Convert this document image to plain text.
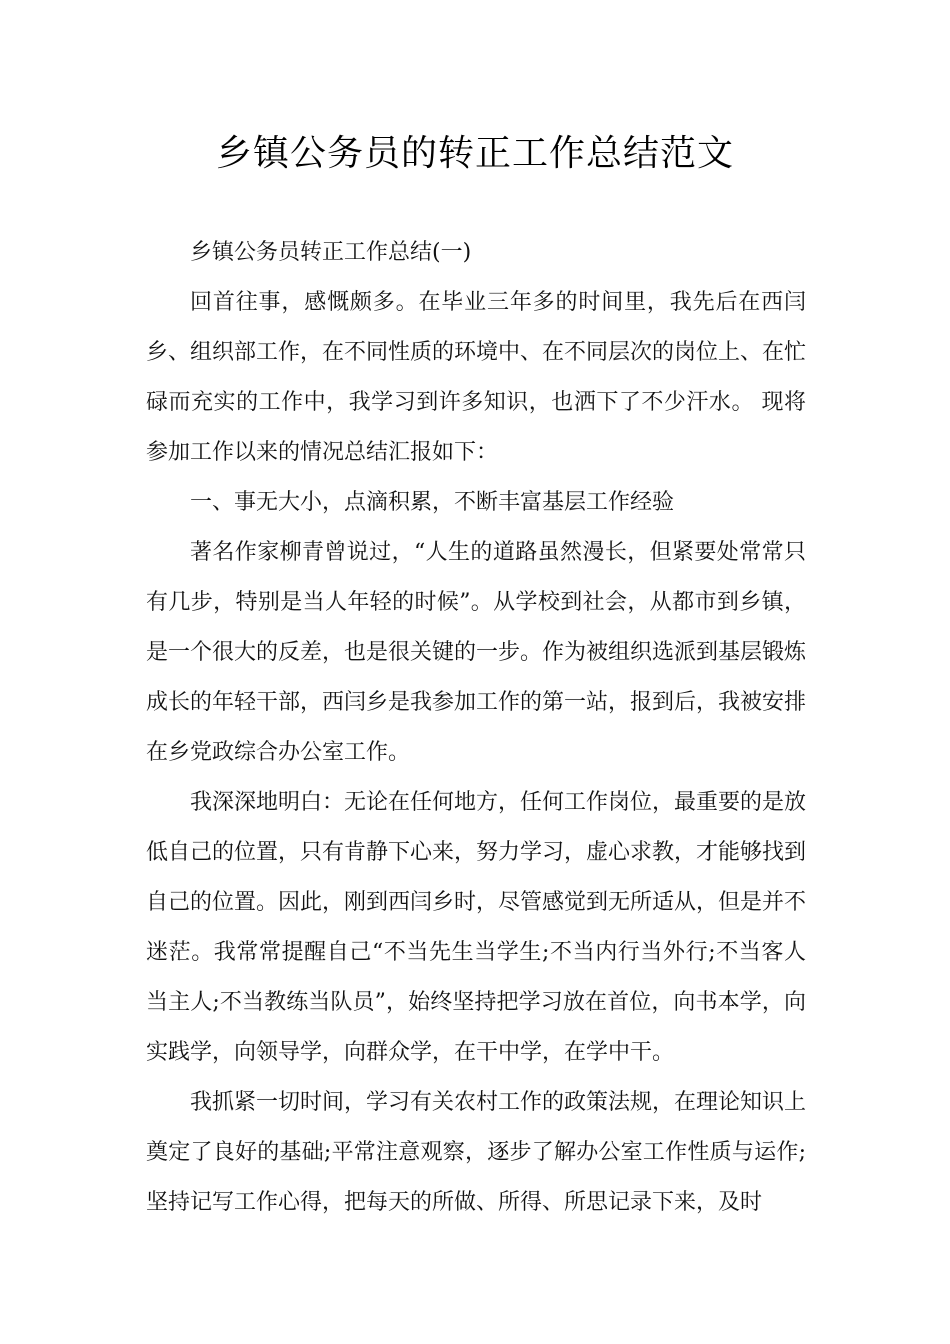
乡镇公务员的转正工作总结范文

乡镇公务员转正工作总结(一)

回首往事，感慨颇多。在毕业三年多的时间里，我先后在西闫乡、组织部工作，在不同性质的环境中、在不同层次的岗位上、在忙碌而充实的工作中，我学习到许多知识，也洒下了不少汗水。 现将参加工作以来的情况总结汇报如下：

一、事无大小，点滴积累，不断丰富基层工作经验

著名作家柳青曾说过，“人生的道路虽然漫长，但紧要处常常只有几步，特别是当人年轻的时候”。从学校到社会，从都市到乡镇，是一个很大的反差，也是很关键的一步。作为被组织选派到基层锻炼成长的年轻干部，西闫乡是我参加工作的第一站，报到后，我被安排在乡党政综合办公室工作。

我深深地明白：无论在任何地方，任何工作岗位，最重要的是放低自己的位置，只有肯静下心来，努力学习，虚心求教，才能够找到自己的位置。因此，刚到西闫乡时，尽管感觉到无所适从，但是并不迷茫。我常常提醒自己“不当先生当学生;不当内行当外行;不当客人当主人;不当教练当队员”，始终坚持把学习放在首位，向书本学，向实践学，向领导学，向群众学，在干中学，在学中干。

我抓紧一切时间，学习有关农村工作的政策法规，在理论知识上奠定了良好的基础;平常注意观察，逐步了解办公室工作性质与运作;坚持记写工作心得，把每天的所做、所得、所思记录下来，及时
